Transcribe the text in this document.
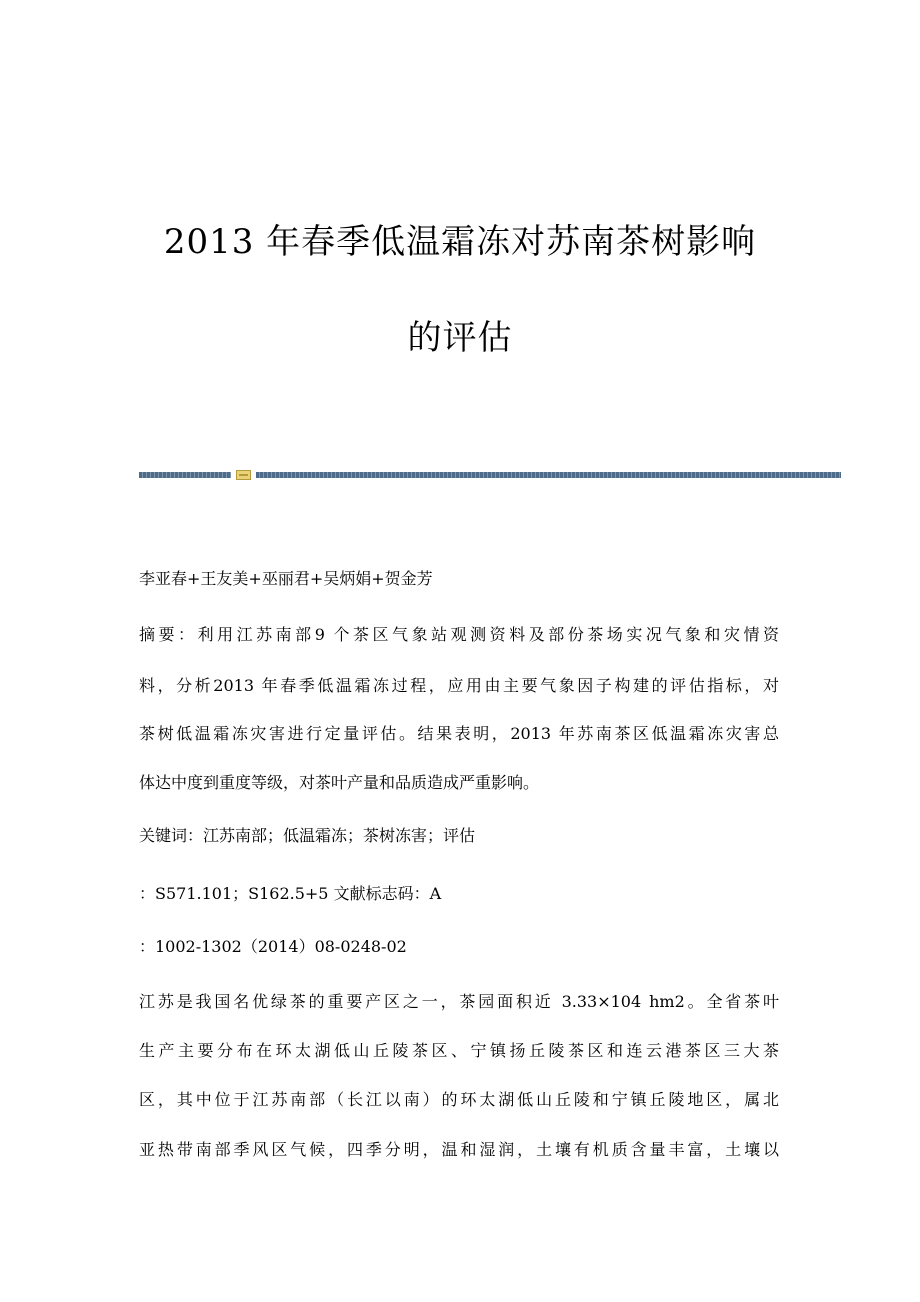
2013 年春季低温霜冻对苏南茶树影响
的评估
李亚春+王友美+巫丽君+吴炳娟+贺金芳
摘要：利用江苏南部9 个茶区气象站观测资料及部份茶场实况气象和灾情资
料，分析2013 年春季低温霜冻过程，应用由主要气象因子构建的评估指标，对
茶树低温霜冻灾害进行定量评估。结果表明，2013 年苏南茶区低温霜冻灾害总
体达中度到重度等级，对茶叶产量和品质造成严重影响。
关键词：江苏南部；低温霜冻；茶树冻害；评估
：S571.101；S162.5+5 文献标志码：A
：1002-1302（2014）08-0248-02
江苏是我国名优绿茶的重要产区之一，茶园面积近 3.33×104 hm2。全省茶叶
生产主要分布在环太湖低山丘陵茶区、宁镇扬丘陵茶区和连云港茶区三大茶
区，其中位于江苏南部（长江以南）的环太湖低山丘陵和宁镇丘陵地区，属北
亚热带南部季风区气候，四季分明，温和湿润，土壤有机质含量丰富，土壤以
